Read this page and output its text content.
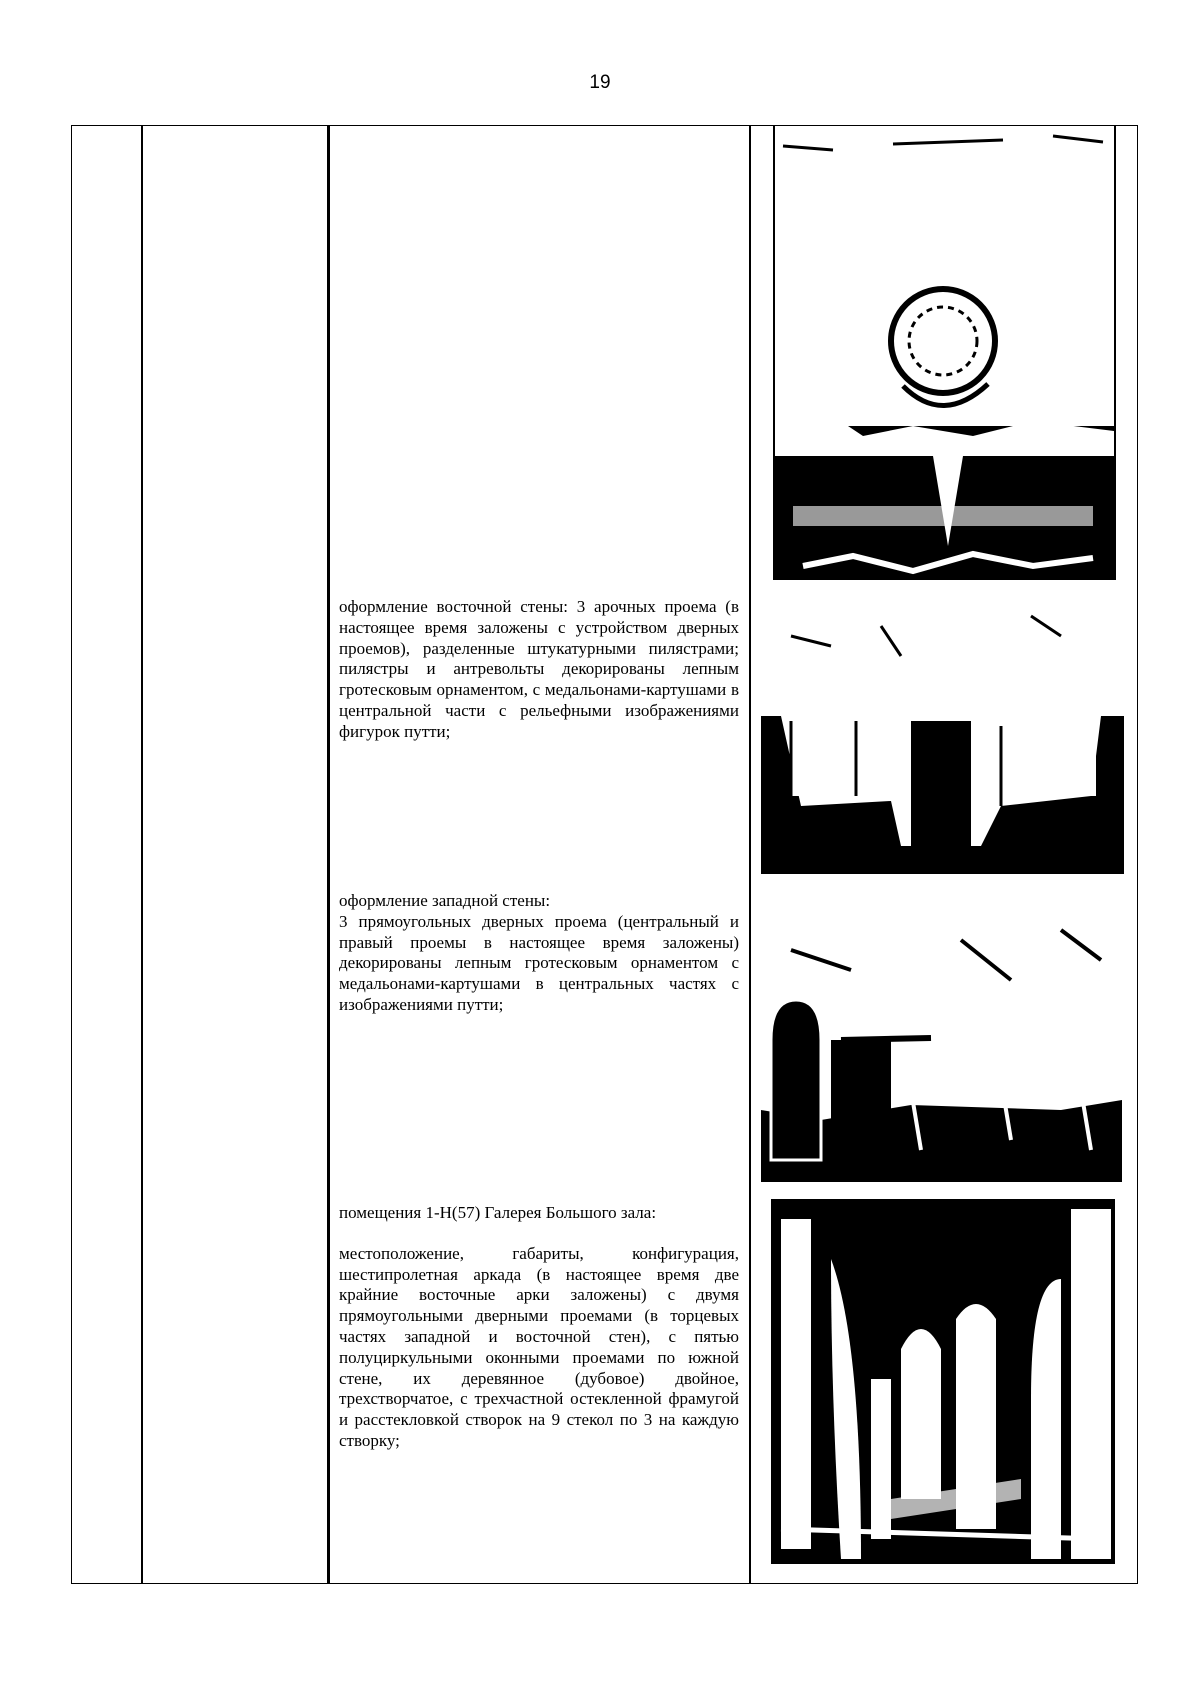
19
оформление восточной стены: 3 арочных проема (в настоящее время заложены с устройством дверных проемов), разделенные штукатурными пилястрами; пилястры и антревольты декорированы лепным гротесковым орнаментом, с медальонами-картушами в центральной части с рельефными изображениями фигурок путти;
оформление западной стены:
3 прямоугольных дверных проема (центральный и правый проемы в настоящее время заложены) декорированы лепным гротесковым орнаментом с медальонами-картушами в центральных частях с изображениями путти;
помещения 1-Н(57) Галерея Большого зала:
местоположение, габариты, конфигурация, шестипролетная аркада (в настоящее время две крайние восточные арки заложены) с двумя прямоугольными дверными проемами (в торцевых частях западной и восточной стен), с пятью полуциркульными оконными проемами по южной стене, их деревянное (дубовое) двойное, трехстворчатое, с трехчастной остекленной фрамугой и расстекловкой створок на 9 стекол по 3 на каждую створку;
